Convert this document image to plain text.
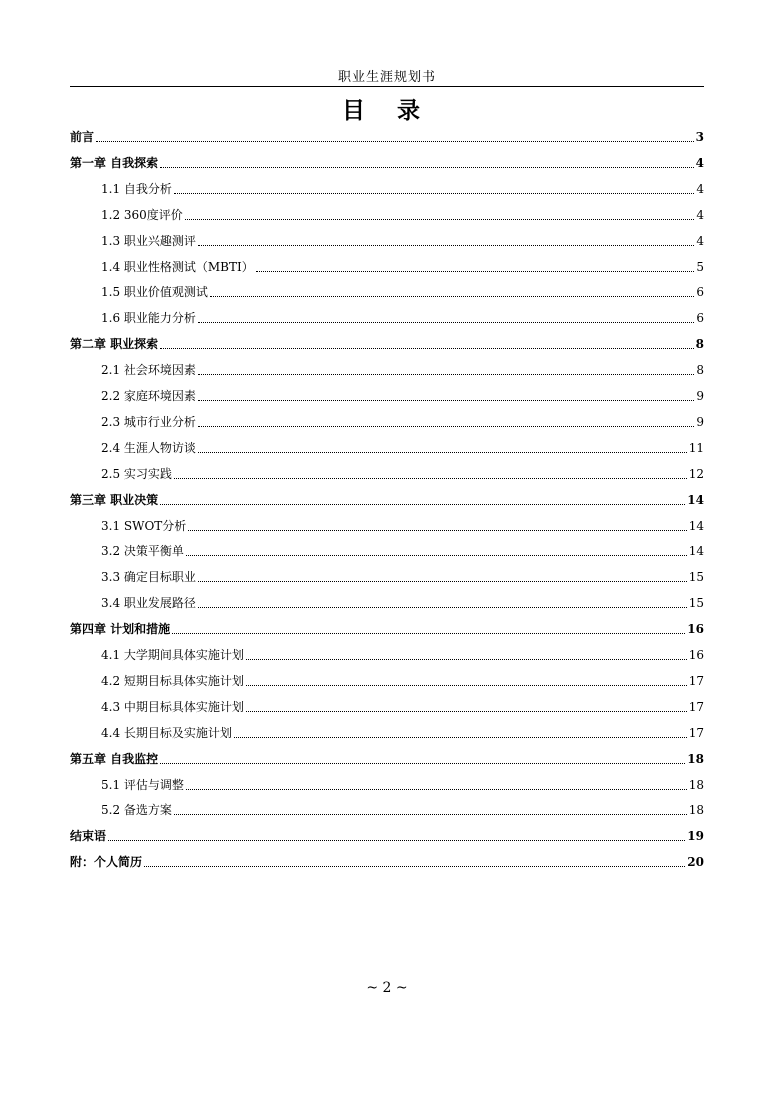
职业生涯规划书
目 录
前言	3
第一章 自我探索	4
1.1 自我分析	4
1.2 360度评价	4
1.3 职业兴趣测评	4
1.4 职业性格测试（MBTI）	5
1.5 职业价值观测试	6
1.6 职业能力分析	6
第二章 职业探索	8
2.1 社会环境因素	8
2.2 家庭环境因素	9
2.3 城市行业分析	9
2.4 生涯人物访谈	11
2.5 实习实践	12
第三章 职业决策	14
3.1 SWOT分析	14
3.2 决策平衡单	14
3.3 确定目标职业	15
3.4 职业发展路径	15
第四章 计划和措施	16
4.1 大学期间具体实施计划	16
4.2 短期目标具体实施计划	17
4.3 中期目标具体实施计划	17
4.4 长期目标及实施计划	17
第五章 自我监控	18
5.1 评估与调整	18
5.2 备选方案	18
结束语	19
附：个人简历	20
~ 2 ~
